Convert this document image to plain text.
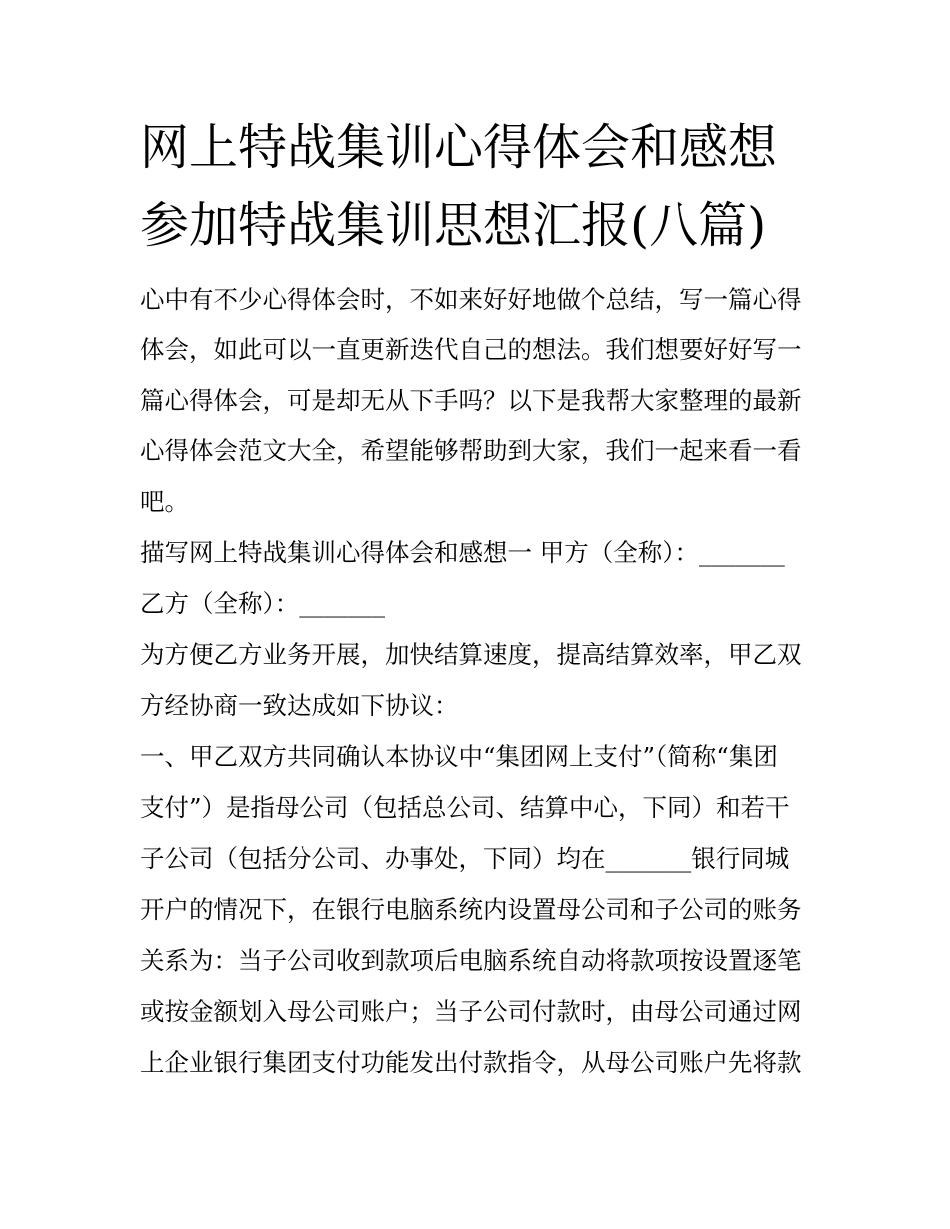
网上特战集训心得体会和感想
参加特战集训思想汇报(八篇)

心中有不少心得体会时，不如来好好地做个总结，写一篇心得

体会，如此可以一直更新迭代自己的想法。我们想要好好写一

篇心得体会，可是却无从下手吗？以下是我帮大家整理的最新

心得体会范文大全，希望能够帮助到大家，我们一起来看一看

吧。

描写网上特战集训心得体会和感想一 甲方（全称）：_______

乙方（全称）：_______

为方便乙方业务开展，加快结算速度，提高结算效率，甲乙双

方经协商一致达成如下协议：

一、甲乙双方共同确认本协议中“集团网上支付”（简称“集团

支付”）是指母公司（包括总公司、结算中心，下同）和若干

子公司（包括分公司、办事处，下同）均在_______银行同城

开户的情况下，在银行电脑系统内设置母公司和子公司的账务

关系为：当子公司收到款项后电脑系统自动将款项按设置逐笔

或按金额划入母公司账户；当子公司付款时，由母公司通过网

上企业银行集团支付功能发出付款指令，从母公司账户先将款
